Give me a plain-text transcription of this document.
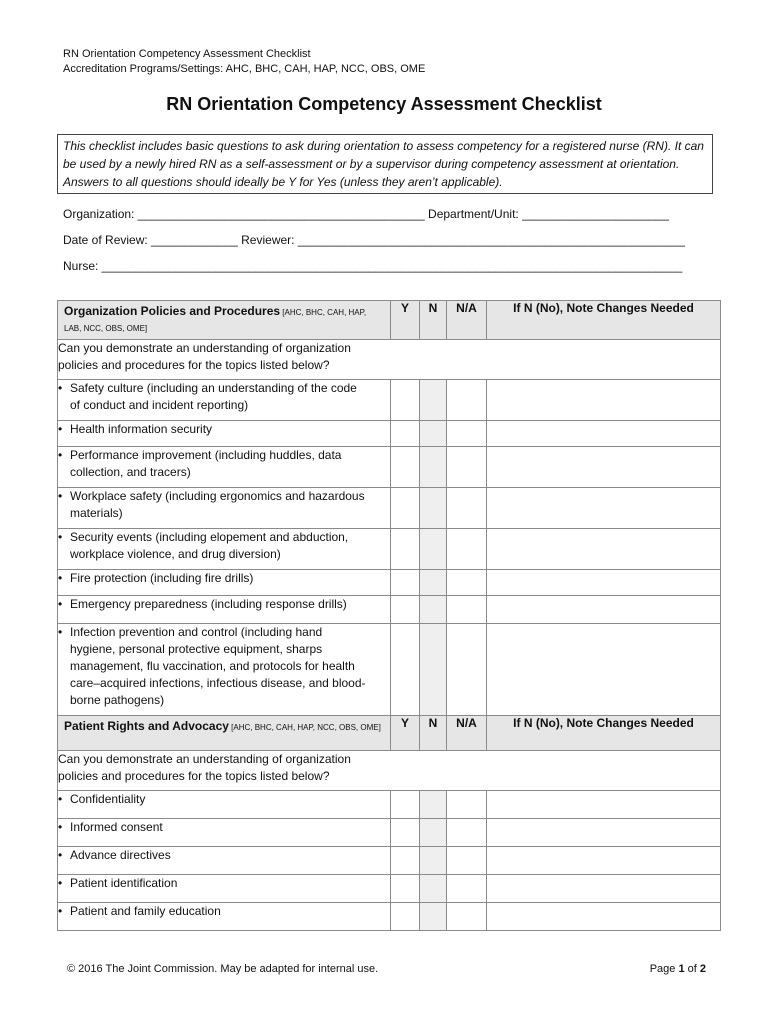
RN Orientation Competency Assessment Checklist
Accreditation Programs/Settings: AHC, BHC, CAH, HAP, NCC, OBS, OME
RN Orientation Competency Assessment Checklist
This checklist includes basic questions to ask during orientation to assess competency for a registered nurse (RN). It can be used by a newly hired RN as a self-assessment or by a supervisor during competency assessment at orientation. Answers to all questions should ideally be Y for Yes (unless they aren’t applicable).
Organization: ___________________________________________ Department/Unit: ______________________
Date of Review: _____________ Reviewer: __________________________________________________________
Nurse: _______________________________________________________________________________________
Organization Policies and Procedures [AHC, BHC, CAH, HAP, LAB, NCC, OBS, OME]	Y	N	N/A	If N (No), Note Changes Needed

Can you demonstrate an understanding of organization policies and procedures for the topics listed below?				

• Safety culture (including an understanding of the code of conduct and incident reporting)				
• Health information security				
• Performance improvement (including huddles, data collection, and tracers)				
• Workplace safety (including ergonomics and hazardous materials)				
• Security events (including elopement and abduction, workplace violence, and drug diversion)				
• Fire protection (including fire drills)				
• Emergency preparedness (including response drills)				
• Infection prevention and control (including hand hygiene, personal protective equipment, sharps management, flu vaccination, and protocols for health care–acquired infections, infectious disease, and blood- borne pathogens)				
Patient Rights and Advocacy [AHC, BHC, CAH, HAP, NCC, OBS, OME]	Y	N	N/A	If N (No), Note Changes Needed

Can you demonstrate an understanding of organization policies and procedures for the topics listed below?				

• Confidentiality				
• Informed consent				
• Advance directives				
• Patient identification				
• Patient and family education				
© 2016 The Joint Commission. May be adapted for internal use.	Page 1 of 2
